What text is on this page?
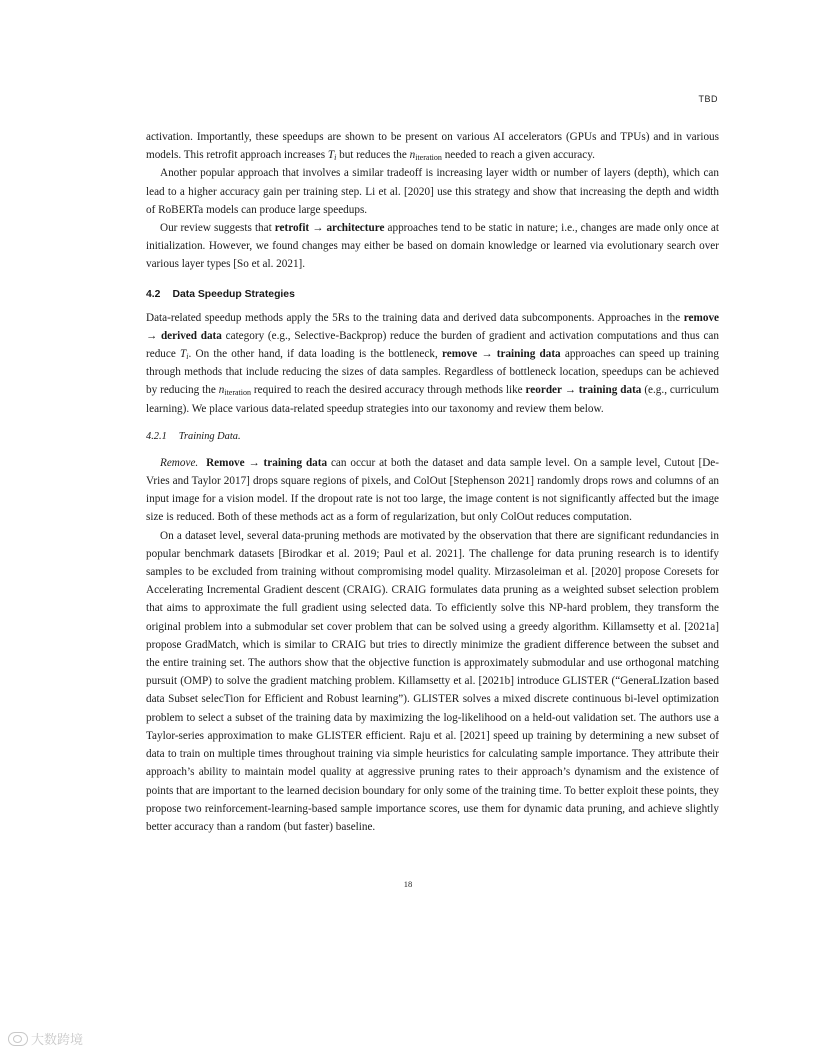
TBD

activation. Importantly, these speedups are shown to be present on various AI accelerators (GPUs and TPUs) and in various models. This retrofit approach increases $T_i$ but reduces the $n_{iteration}$ needed to reach a given accuracy.

Another popular approach that involves a similar tradeoff is increasing layer width or number of layers (depth), which can lead to a higher accuracy gain per training step. Li et al. [2020] use this strategy and show that increasing the depth and width of RoBERTa models can produce large speedups.

Our review suggests that retrofit → architecture approaches tend to be static in nature; i.e., changes are made only once at initialization. However, we found changes may either be based on domain knowledge or learned via evolutionary search over various layer types [So et al. 2021].

4.2 Data Speedup Strategies

Data-related speedup methods apply the 5Rs to the training data and derived data subcomponents. Approaches in the remove → derived data category (e.g., Selective-Backprop) reduce the burden of gradient and activation computations and thus can reduce $T_i$. On the other hand, if data loading is the bottleneck, remove → training data approaches can speed up training through methods that include reducing the sizes of data samples. Regardless of bottleneck location, speedups can be achieved by reducing the $n_{iteration}$ required to reach the desired accuracy through methods like reorder → training data (e.g., curriculum learning). We place various data-related speedup strategies into our taxonomy and review them below.

4.2.1 Training Data.

Remove. Remove → training data can occur at both the dataset and data sample level. On a sample level, Cutout [De-Vries and Taylor 2017] drops square regions of pixels, and ColOut [Stephenson 2021] randomly drops rows and columns of an input image for a vision model. If the dropout rate is not too large, the image content is not significantly affected but the image size is reduced. Both of these methods act as a form of regularization, but only ColOut reduces computation.

On a dataset level, several data-pruning methods are motivated by the observation that there are significant redundancies in popular benchmark datasets [Birodkar et al. 2019; Paul et al. 2021]. The challenge for data pruning research is to identify samples to be excluded from training without compromising model quality. Mirzasoleiman et al. [2020] propose Coresets for Accelerating Incremental Gradient descent (CRAIG). CRAIG formulates data pruning as a weighted subset selection problem that aims to approximate the full gradient using selected data. To efficiently solve this NP-hard problem, they transform the original problem into a submodular set cover problem that can be solved using a greedy algorithm. Killamsetty et al. [2021a] propose GradMatch, which is similar to CRAIG but tries to directly minimize the gradient difference between the subset and the entire training set. The authors show that the objective function is approximately submodular and use orthogonal matching pursuit (OMP) to solve the gradient matching problem. Killamsetty et al. [2021b] introduce GLISTER (“GeneraLIzation based data Subset selecTion for Efficient and Robust learning”). GLISTER solves a mixed discrete continuous bi-level optimization problem to select a subset of the training data by maximizing the log-likelihood on a held-out validation set. The authors use a Taylor-series approximation to make GLISTER efficient. Raju et al. [2021] speed up training by determining a new subset of data to train on multiple times throughout training via simple heuristics for calculating sample importance. They attribute their approach’s ability to maintain model quality at aggressive pruning rates to their approach’s dynamism and the existence of points that are important to the learned decision boundary for only some of the training time. To better exploit these points, they propose two reinforcement-learning-based sample importance scores, use them for dynamic data pruning, and achieve slightly better accuracy than a random (but faster) baseline.

18
大数跨境
